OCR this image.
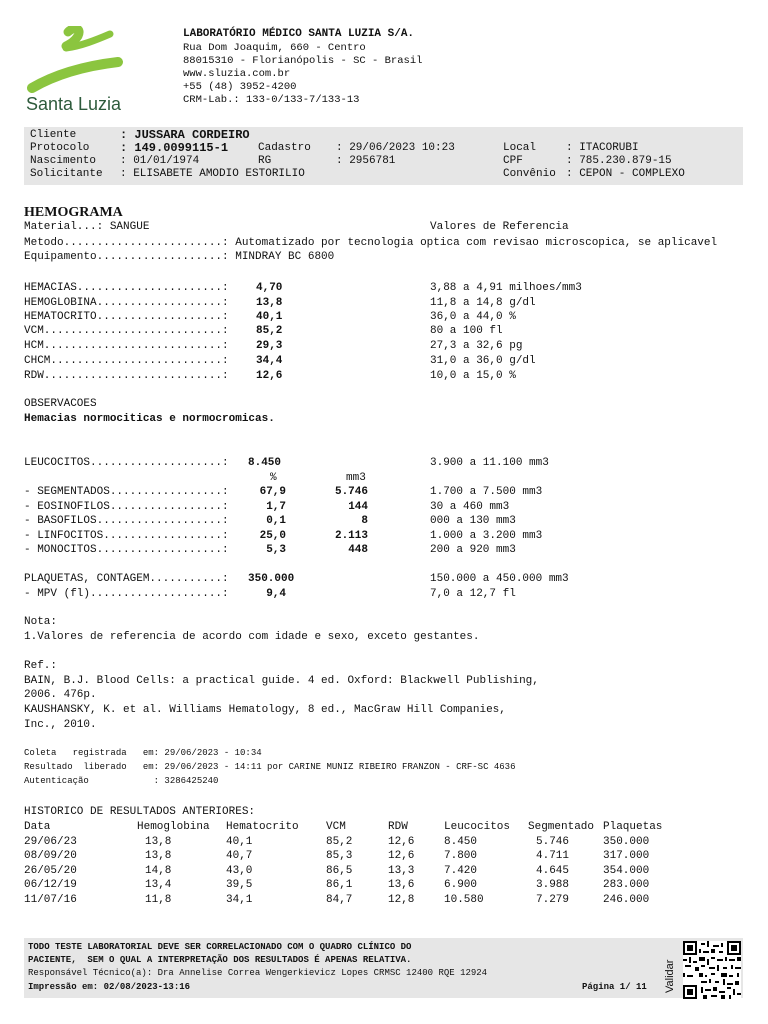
Santa Luzia
LABORATÓRIO MÉDICO SANTA LUZIA S/A.
Rua Dom Joaquim, 660 - Centro
88015310 - Florianópolis - SC - Brasil
www.sluzia.com.br
+55 (48) 3952-4200
CRM-Lab.: 133-0/133-7/133-13
Cliente	: JUSSARA CORDEIRO
Protocolo	: 149.0099115-1	Cadastro : 29/06/2023 10:23	Local	: ITACORUBI
Nascimento : 01/01/1974	RG	: 2956781	CPF	: 785.230.879-15
Solicitante : ELISABETE AMODIO ESTORILIO	Convênio : CEPON - COMPLEXO
HEMOGRAMA
Material...: SANGUE	Valores de Referencia
Metodo........................: Automatizado por tecnologia optica com revisao microscopica, se aplicavel
Equipamento...................: MINDRAY BC 6800
HEMACIAS......................: 4,70	3,88 a 4,91 milhoes/mm3
HEMOGLOBINA...................: 13,8	11,8 a 14,8 g/dl
HEMATOCRITO...................: 40,1	36,0 a 44,0 %
VCM...........................: 85,2	80 a 100 fl
HCM...........................: 29,3	27,3 a 32,6 pg
CHCM..........................: 34,4	31,0 a 36,0 g/dl
RDW...........................: 12,6	10,0 a 15,0 %
OBSERVACOES
Hemacias normociticas e normocromicas.
LEUCOCITOS....................: 8.450	3.900 a 11.100 mm3
%	mm3
- SEGMENTADOS.................:	67,9	5.746	1.700 a 7.500 mm3
- EOSINOFILOS.................:	1,7	144	30 a 460 mm3
- BASOFILOS...................:	0,1	8	000 a 130 mm3
- LINFOCITOS..................:	25,0	2.113	1.000 a 3.200 mm3
- MONOCITOS...................:	5,3	448	200 a 920 mm3
PLAQUETAS, CONTAGEM...........: 350.000	150.000 a 450.000 mm3
- MPV (fl)....................:	9,4	7,0 a 12,7 fl
Nota:
1.Valores de referencia de acordo com idade e sexo, exceto gestantes.
Ref.:
BAIN, B.J. Blood Cells: a practical guide. 4 ed. Oxford: Blackwell Publishing,
2006. 476p.
KAUSHANSKY, K. et al. Williams Hematology, 8 ed., MacGraw Hill Companies,
Inc., 2010.
Coleta   registrada   em: 29/06/2023 - 10:34
Resultado  liberado   em: 29/06/2023 - 14:11 por CARINE MUNIZ RIBEIRO FRANZON - CRF-SC 4636
Autenticação            : 3286425240
HISTORICO DE RESULTADOS ANTERIORES:
Data	Hemoglobina Hematocrito VCM	RDW	Leucocitos Segmentado Plaquetas
29/06/23	13,8	40,1	85,2	12,6	8.450	5.746	350.000
08/09/20	13,8	40,7	85,3	12,6	7.800	4.711	317.000
26/05/20	14,8	43,0	86,5	13,3	7.420	4.645	354.000
06/12/19	13,4	39,5	86,1	13,6	6.900	3.988	283.000
11/07/16	11,8	34,1	84,7	12,8	10.580	7.279	246.000
TODO TESTE LABORATORIAL DEVE SER CORRELACIONADO COM O QUADRO CLÍNICO DO
PACIENTE,  SEM O QUAL A INTERPRETAÇÃO DOS RESULTADOS É APENAS RELATIVA.
Responsável Técnico(a): Dra Annelise Correa Wengerkievicz Lopes CRMSC 12400 RQE 12924
Impressão em: 02/08/2023-13:16	Página 1/ 11 Validar
